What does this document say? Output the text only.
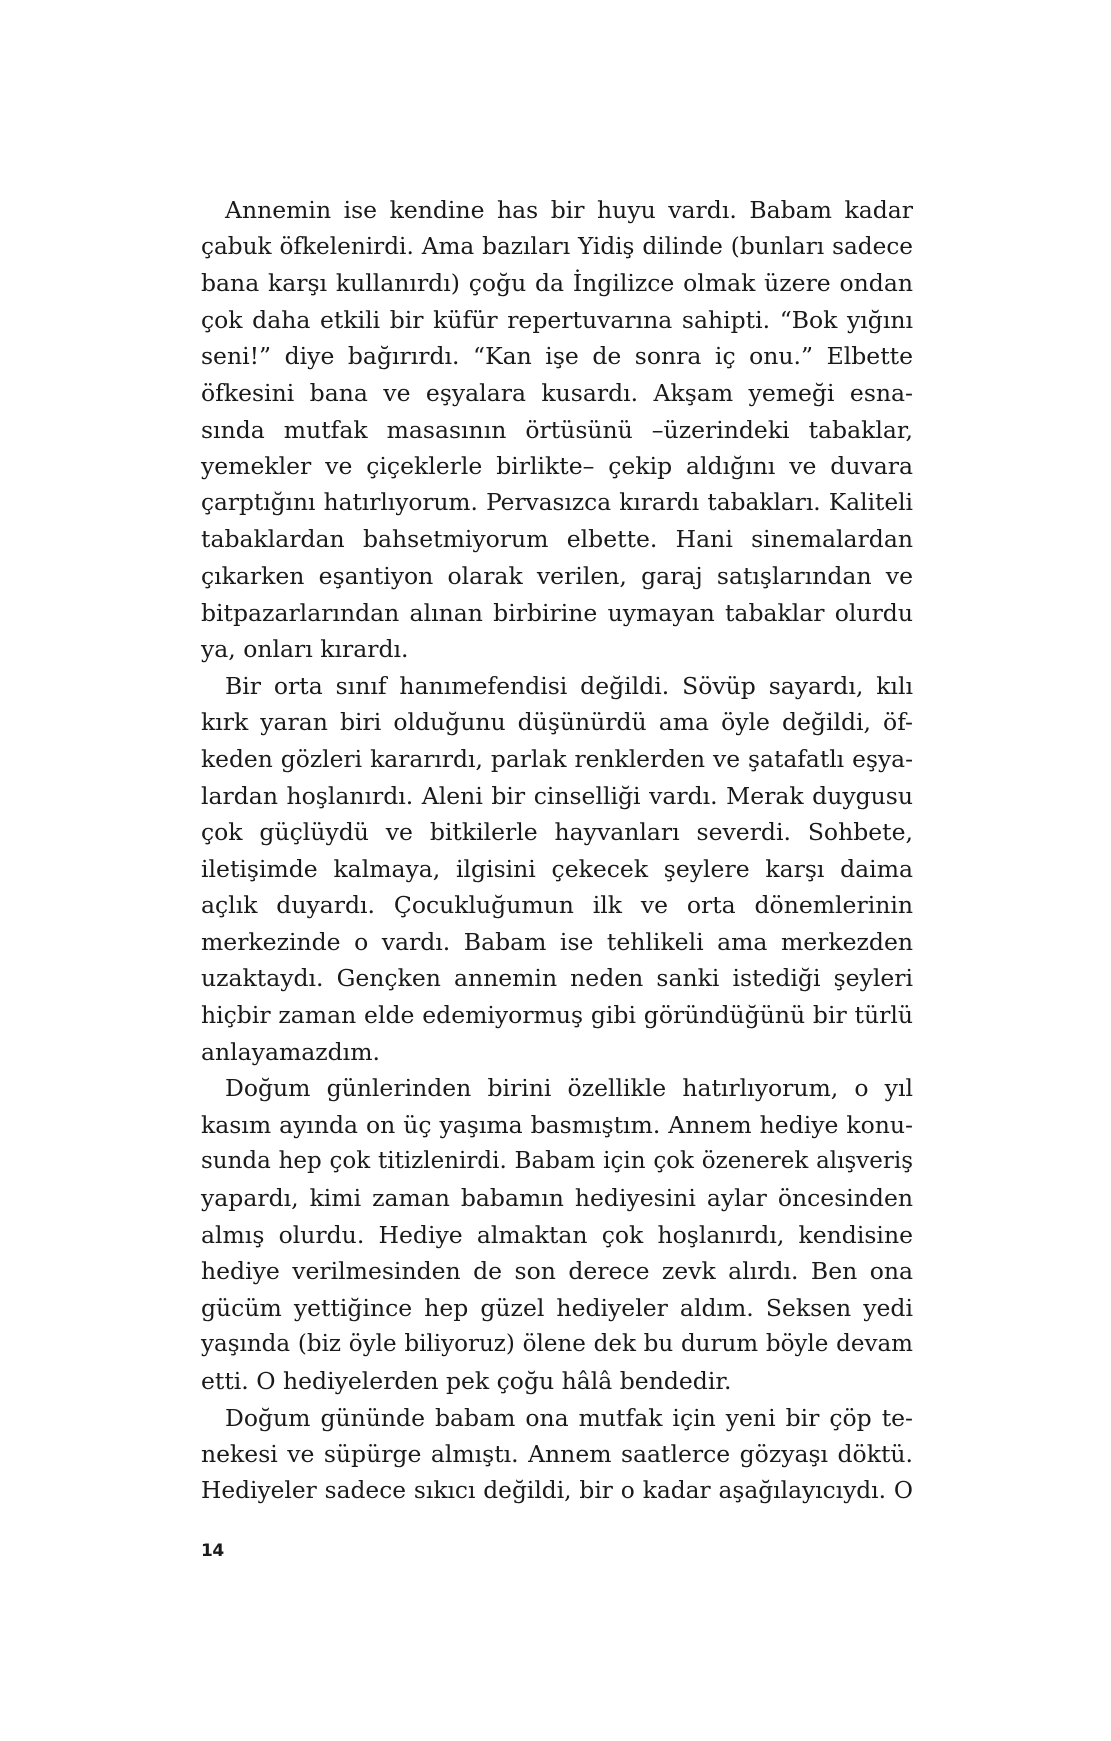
Annemin ise kendine has bir huyu vardı. Babam kadar
çabuk öfkelenirdi. Ama bazıları Yidiş dilinde (bunları sadece
bana karşı kullanırdı) çoğu da İngilizce olmak üzere ondan
çok daha etkili bir küfür repertuvarına sahipti. “Bok yığını
seni!” diye bağırırdı. “Kan işe de sonra iç onu.” Elbette
öfkesini bana ve eşyalara kusardı. Akşam yemeği esna-
sında mutfak masasının örtüsünü –üzerindeki tabaklar,
yemekler ve çiçeklerle birlikte– çekip aldığını ve duvara
çarptığını hatırlıyorum. Pervasızca kırardı tabakları. Kaliteli
tabaklardan bahsetmiyorum elbette. Hani sinemalardan
çıkarken eşantiyon olarak verilen, garaj satışlarından ve
bitpazarlarından alınan birbirine uymayan tabaklar olurdu
ya, onları kırardı.
Bir orta sınıf hanımefendisi değildi. Sövüp sayardı, kılı
kırk yaran biri olduğunu düşünürdü ama öyle değildi, öf-
keden gözleri kararırdı, parlak renklerden ve şatafatlı eşya-
lardan hoşlanırdı. Aleni bir cinselliği vardı. Merak duygusu
çok güçlüydü ve bitkilerle hayvanları severdi. Sohbete,
iletişimde kalmaya, ilgisini çekecek şeylere karşı daima
açlık duyardı. Çocukluğumun ilk ve orta dönemlerinin
merkezinde o vardı. Babam ise tehlikeli ama merkezden
uzaktaydı. Gençken annemin neden sanki istediği şeyleri
hiçbir zaman elde edemiyormuş gibi göründüğünü bir türlü
anlayamazdım.
Doğum günlerinden birini özellikle hatırlıyorum, o yıl
kasım ayında on üç yaşıma basmıştım. Annem hediye konu-
sunda hep çok titizlenirdi. Babam için çok özenerek alışveriş
yapardı, kimi zaman babamın hediyesini aylar öncesinden
almış olurdu. Hediye almaktan çok hoşlanırdı, kendisine
hediye verilmesinden de son derece zevk alırdı. Ben ona
gücüm yettiğince hep güzel hediyeler aldım. Seksen yedi
yaşında (biz öyle biliyoruz) ölene dek bu durum böyle devam
etti. O hediyelerden pek çoğu hâlâ bendedir.
Doğum gününde babam ona mutfak için yeni bir çöp te-
nekesi ve süpürge almıştı. Annem saatlerce gözyaşı döktü.
Hediyeler sadece sıkıcı değildi, bir o kadar aşağılayıcıydı. O
14
